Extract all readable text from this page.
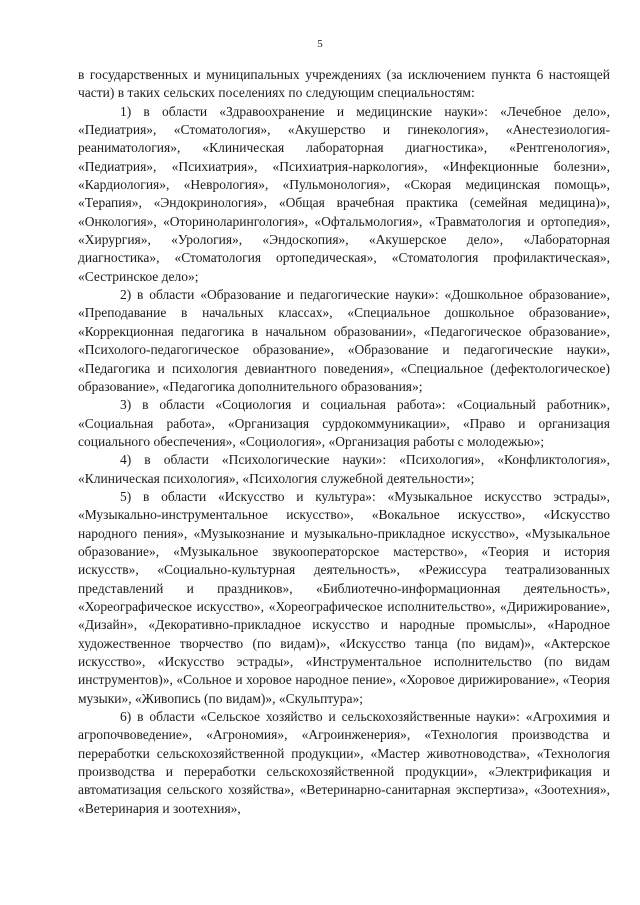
5

в государственных и муниципальных учреждениях (за исключением пункта 6 настоящей части) в таких сельских поселениях по следующим специальностям:

1) в области «Здравоохранение и медицинские науки»: «Лечебное дело», «Педиатрия», «Стоматология», «Акушерство и гинекология», «Анестезиология-реаниматология», «Клиническая лабораторная диагностика», «Рентгенология», «Педиатрия», «Психиатрия», «Психиатрия-наркология», «Инфекционные болезни», «Кардиология», «Неврология», «Пульмонология», «Скорая медицинская помощь», «Терапия», «Эндокринология», «Общая врачебная практика (семейная медицина)», «Онкология», «Оториноларингология», «Офтальмология», «Травматология и ортопедия», «Хирургия», «Урология», «Эндоскопия», «Акушерское дело», «Лабораторная диагностика», «Стоматология ортопедическая», «Стоматология профилактическая», «Сестринское дело»;

2) в области «Образование и педагогические науки»: «Дошкольное образование», «Преподавание в начальных классах», «Специальное дошкольное образование», «Коррекционная педагогика в начальном образовании», «Педагогическое образование», «Психолого-педагогическое образование», «Образование и педагогические науки», «Педагогика и психология девиантного поведения», «Специальное (дефектологическое) образование», «Педагогика дополнительного образования»;

3) в области «Социология и социальная работа»: «Социальный работник», «Социальная работа», «Организация сурдокоммуникации», «Право и организация социального обеспечения», «Социология», «Организация работы с молодежью»;

4) в области «Психологические науки»: «Психология», «Конфликтология», «Клиническая психология», «Психология служебной деятельности»;

5) в области «Искусство и культура»: «Музыкальное искусство эстрады», «Музыкально-инструментальное искусство», «Вокальное искусство», «Искусство народного пения», «Музыкознание и музыкально-прикладное искусство», «Музыкальное образование», «Музыкальное звукооператорское мастерство», «Теория и история искусств», «Социально-культурная деятельность», «Режиссура театрализованных представлений и праздников», «Библиотечно-информационная деятельность», «Хореографическое искусство», «Хореографическое исполнительство», «Дирижирование», «Дизайн», «Декоративно-прикладное искусство и народные промыслы», «Народное художественное творчество (по видам)», «Искусство танца (по видам)», «Актерское искусство», «Искусство эстрады», «Инструментальное исполнительство (по видам инструментов)», «Сольное и хоровое народное пение», «Хоровое дирижирование», «Теория музыки», «Живопись (по видам)», «Скульптура»;

6) в области «Сельское хозяйство и сельскохозяйственные науки»: «Агрохимия и агропочвоведение», «Агрономия», «Агроинженерия», «Технология производства и переработки сельскохозяйственной продукции», «Мастер животноводства», «Технология производства и переработки сельскохозяйственной продукции», «Электрификация и автоматизация сельского хозяйства», «Ветеринарно-санитарная экспертиза», «Зоотехния», «Ветеринария и зоотехния»,
